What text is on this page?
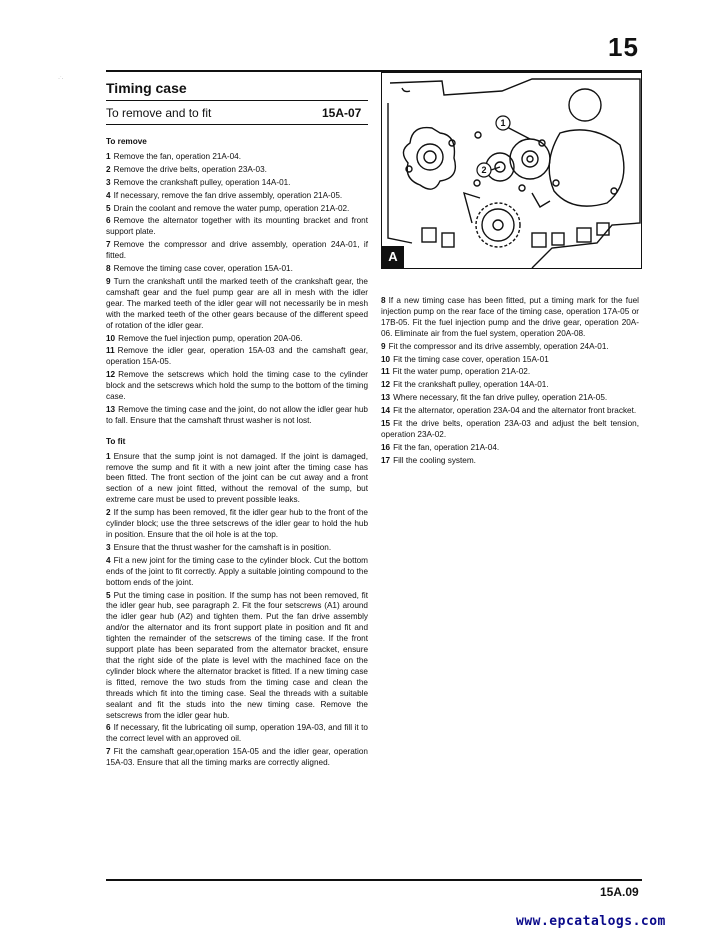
·ˑ·
15
Timing case
To remove and to fit	15A-07
To remove
1 Remove the fan, operation 21A-04.
2 Remove the drive belts, operation 23A-03.
3 Remove the crankshaft pulley, operation 14A-01.
4 If necessary, remove the fan drive assembly, operation 21A-05.
5 Drain the coolant and remove the water pump, operation 21A-02.
6 Remove the alternator together with its mounting bracket and front support plate.
7 Remove the compressor and drive assembly, operation 24A-01, if fitted.
8 Remove the timing case cover, operation 15A-01.
9 Turn the crankshaft until the marked teeth of the crankshaft gear, the camshaft gear and the fuel pump gear are all in mesh with the idler gear. The marked teeth of the idler gear will not necessarily be in mesh with the marked teeth of the other gears because of the different speed of rotation of the idler gear.
10 Remove the fuel injection pump, operation 20A-06.
11 Remove the idler gear, operation 15A-03 and the camshaft gear, operation 15A-05.
12 Remove the setscrews which hold the timing case to the cylinder block and the setscrews which hold the sump to the bottom of the timing case.
13 Remove the timing case and the joint, do not allow the idler gear hub to fall. Ensure that the camshaft thrust washer is not lost.
To fit
1 Ensure that the sump joint is not damaged. If the joint is damaged, remove the sump and fit it with a new joint after the timing case has been fitted. The front section of the joint can be cut away and a front section of a new joint fitted, without the removal of the sump, but extreme care must be used to prevent possible leaks.
2 If the sump has been removed, fit the idler gear hub to the front of the cylinder block; use the three setscrews of the idler gear to hold the hub in position. Ensure that the oil hole is at the top.
3 Ensure that the thrust washer for the camshaft is in position.
4 Fit a new joint for the timing case to the cylinder block. Cut the bottom ends of the joint to fit correctly. Apply a suitable jointing compound to the bottom ends of the joint.
5 Put the timing case in position. If the sump has not been removed, fit the idler gear hub, see paragraph 2. Fit the four setscrews (A1) around the idler gear hub (A2) and tighten them. Put the fan drive assembly and/or the alternator and its front support plate in position and fit and tighten the remainder of the setscrews of the timing case. If the front support plate has been separated from the alternator bracket, ensure that the right side of the plate is level with the machined face on the cylinder block where the alternator bracket is fitted. If a new timing case is fitted, remove the two studs from the timing case and clean the threads which fit into the timing case. Seal the threads with a suitable sealant and fit the studs into the new timing case. Remove the setscrews from the idler gear hub.
6 If necessary, fit the lubricating oil sump, operation 19A-03, and fill it to the correct level with an approved oil.
7 Fit the camshaft gear,operation 15A-05 and the idler gear, operation 15A-03. Ensure that all the timing marks are correctly aligned.
1
2
A
8 If a new timing case has been fitted, put a timing mark for the fuel injection pump on the rear face of the timing case, operation 17A-05 or 17B-05. Fit the fuel injection pump and the drive gear, operation 20A-06. Eliminate air from the fuel system, operation 20A-08.
9 Fit the compressor and its drive assembly, operation 24A-01.
10 Fit the timing case cover, operation 15A-01
11 Fit the water pump, operation 21A-02.
12 Fit the crankshaft pulley, operation 14A-01.
13 Where necessary, fit the fan drive pulley, operation 21A-05.
14 Fit the alternator, operation 23A-04 and the alternator front bracket.
15 Fit the drive belts, operation 23A-03 and adjust the belt tension, operation 23A-02.
16 Fit the fan, operation 21A-04.
17 Fill the cooling system.
15A.09
www.epcatalogs.com
